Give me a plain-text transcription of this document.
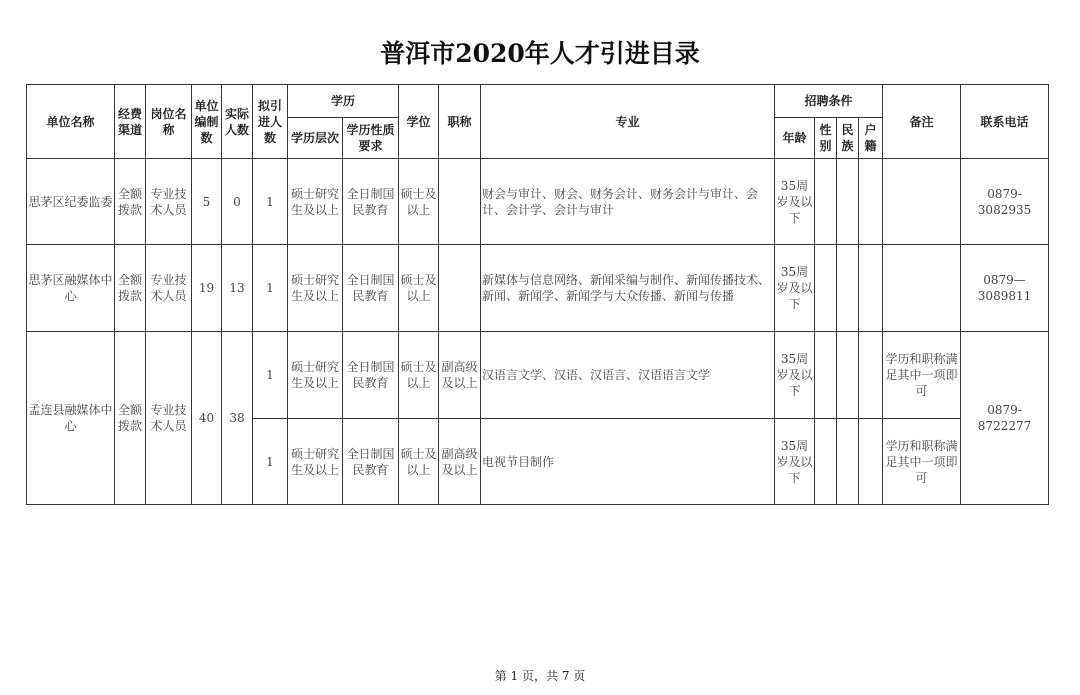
普洱市2020年人才引进目录
单位名称	经费渠道	岗位名称	单位编制数	实际人数	拟引进人数	学历		学位	职称	专业	招聘条件				备注	联系电话
						学历层次	学历性质要求				年龄	性别	民族	户籍		
思茅区纪委监委	全额拨款	专业技术人员	5	0	1	硕士研究生及以上	全日制国民教育	硕士及以上		财会与审计、财会、财务会计、财务会计与审计、会计、会计学、会计与审计	35周岁及以下					0879-3082935
思茅区融媒体中心	全额拨款	专业技术人员	19	13	1	硕士研究生及以上	全日制国民教育	硕士及以上		新媒体与信息网络、新闻采编与制作、新闻传播技术、新闻、新闻学、新闻学与大众传播、新闻与传播	35周岁及以下					0879—3089811
孟连县融媒体中心	全额拨款	专业技术人员	40	38	1	硕士研究生及以上	全日制国民教育	硕士及以上	副高级及以上	汉语言文学、汉语、汉语言、汉语语言文学	35周岁及以下				学历和职称满足其中一项即可	0879-8722277
					1	硕士研究生及以上	全日制国民教育	硕士及以上	副高级及以上	电视节目制作	35周岁及以下				学历和职称满足其中一项即可	
第 1 页，共 7 页
